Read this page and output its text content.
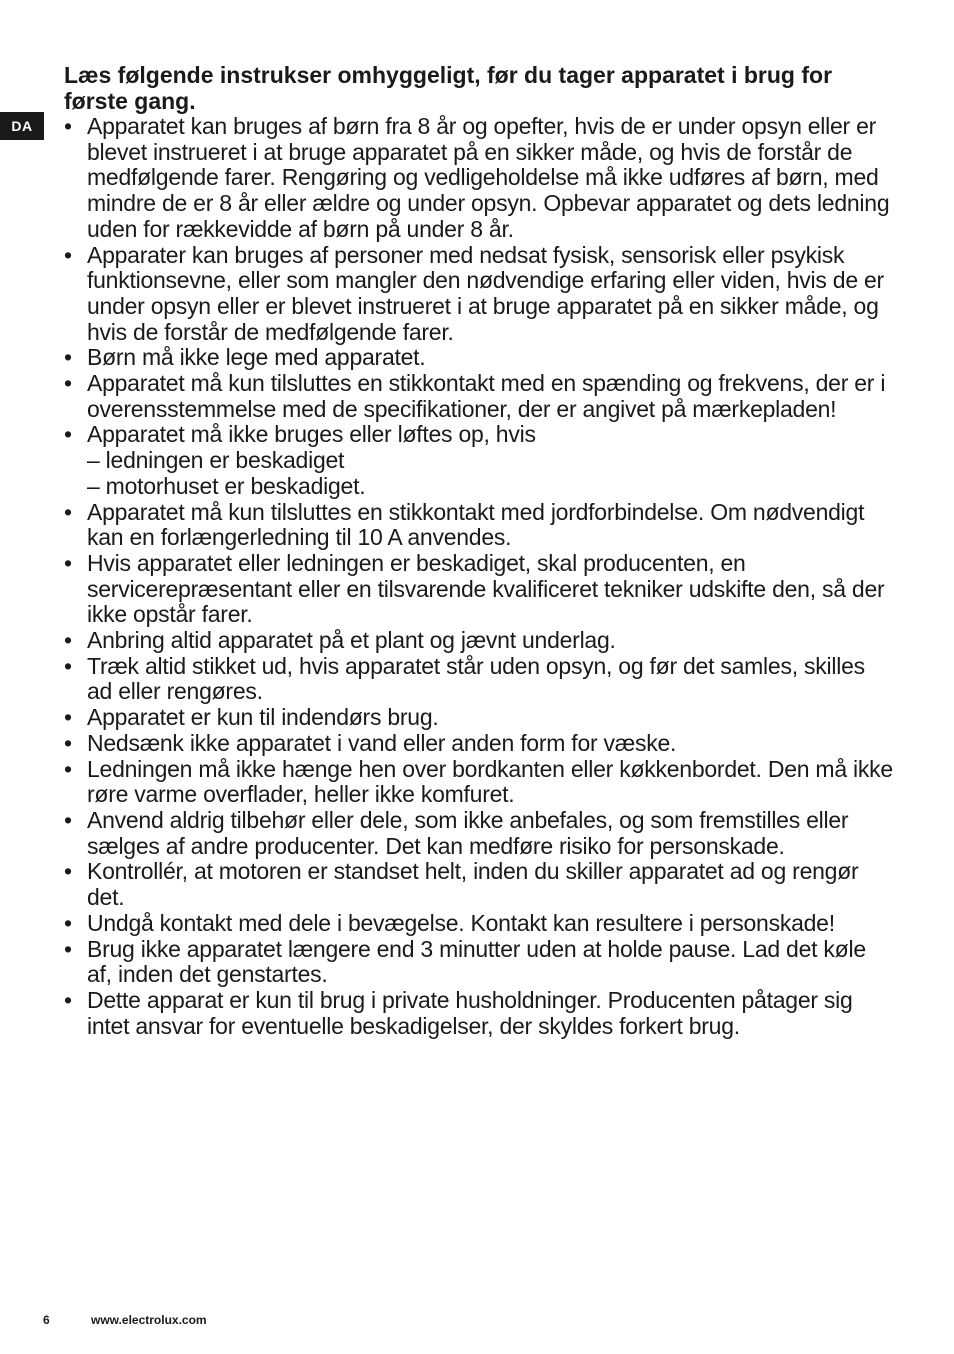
DA
Læs følgende instrukser omhyggeligt, før du tager apparatet i brug for første gang.
• Apparatet kan bruges af børn fra 8 år og opefter, hvis de er under opsyn eller er blevet instrueret i at bruge apparatet på en sikker måde, og hvis de forstår de medfølgende farer. Rengøring og vedligeholdelse må ikke udføres af børn, med mindre de er 8 år eller ældre og under opsyn. Opbevar apparatet og dets ledning uden for rækkevidde af børn på under 8 år.
• Apparater kan bruges af personer med nedsat fysisk, sensorisk eller psykisk funktionsevne, eller som mangler den nødvendige erfaring eller viden, hvis de er under opsyn eller er blevet instrueret i at bruge apparatet på en sikker måde, og hvis de forstår de medfølgende farer.
• Børn må ikke lege med apparatet.
• Apparatet må kun tilsluttes en stikkontakt med en spænding og frekvens, der er i overensstemmelse med de specifikationer, der er angivet på mærkepladen!
• Apparatet må ikke bruges eller løftes op, hvis
– ledningen er beskadiget
– motorhuset er beskadiget.
• Apparatet må kun tilsluttes en stikkontakt med jordforbindelse. Om nødvendigt kan en forlængerledning til 10 A anvendes.
• Hvis apparatet eller ledningen er beskadiget, skal producenten, en servicerepræsentant eller en tilsvarende kvalificeret tekniker udskifte den, så der ikke opstår farer.
• Anbring altid apparatet på et plant og jævnt underlag.
• Træk altid stikket ud, hvis apparatet står uden opsyn, og før det samles, skilles ad eller rengøres.
• Apparatet er kun til indendørs brug.
• Nedsænk ikke apparatet i vand eller anden form for væske.
• Ledningen må ikke hænge hen over bordkanten eller køkkenbordet. Den må ikke røre varme overflader, heller ikke komfuret.
• Anvend aldrig tilbehør eller dele, som ikke anbefales, og som fremstilles eller sælges af andre producenter. Det kan medføre risiko for personskade.
• Kontrollér, at motoren er standset helt, inden du skiller apparatet ad og rengør det.
• Undgå kontakt med dele i bevægelse. Kontakt kan resultere i personskade!
• Brug ikke apparatet længere end 3 minutter uden at holde pause. Lad det køle af, inden det genstartes.
• Dette apparat er kun til brug i private husholdninger. Producenten påtager sig intet ansvar for eventuelle beskadigelser, der skyldes forkert brug.
6	www.electrolux.com
